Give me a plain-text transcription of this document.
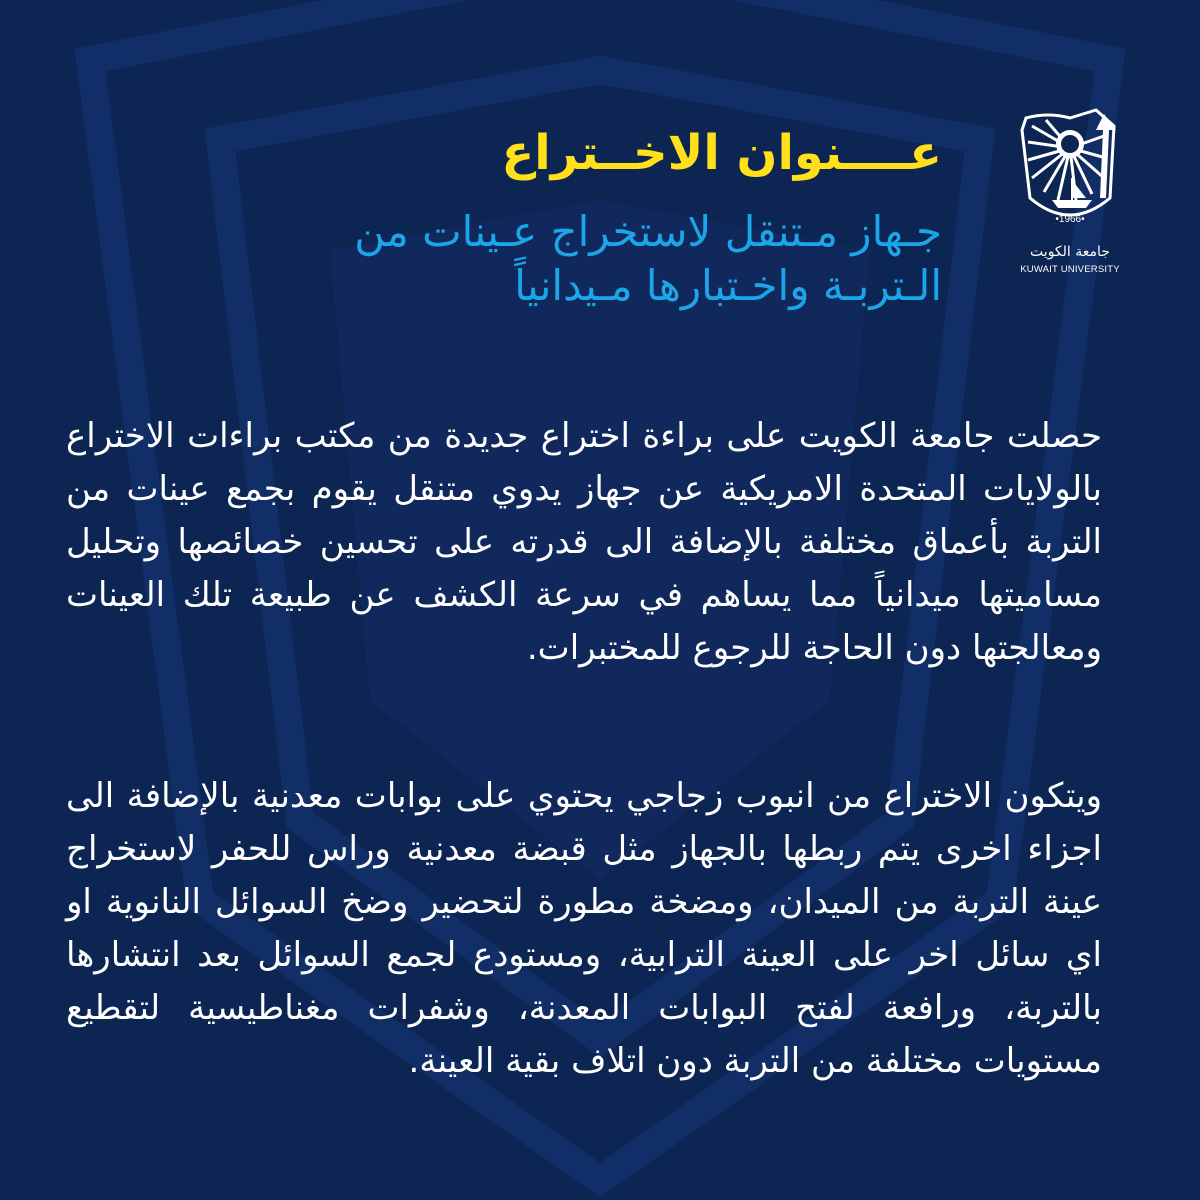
•1966•
جامعة الكويت
KUWAIT UNIVERSITY
عــــنوان الاخــتراع
جـهاز مـتنقل لاستخراج عـينات من الـتربـة واخـتبارها مـيدانياً
حصلت جامعة الكويت على براءة اختراع جديدة من مكتب براءات الاختراع بالولايات المتحدة الامريكية عن جهاز يدوي متنقل يقوم بجمع عينات من التربة بأعماق مختلفة بالإضافة الى قدرته على تحسين خصائصها وتحليل مساميتها ميدانياً مما يساهم في سرعة الكشف عن طبيعة تلك العينات ومعالجتها دون الحاجة للرجوع للمختبرات.
ويتكون الاختراع من انبوب زجاجي يحتوي على بوابات معدنية بالإضافة الى اجزاء اخرى يتم ربطها بالجهاز مثل قبضة معدنية وراس للحفر لاستخراج عينة التربة من الميدان، ومضخة مطورة لتحضير وضخ السوائل النانوية او اي سائل اخر على العينة الترابية، ومستودع لجمع السوائل بعد انتشارها بالتربة، ورافعة لفتح البوابات المعدنة، وشفرات مغناطيسية لتقطيع مستويات مختلفة من التربة دون اتلاف بقية العينة.
